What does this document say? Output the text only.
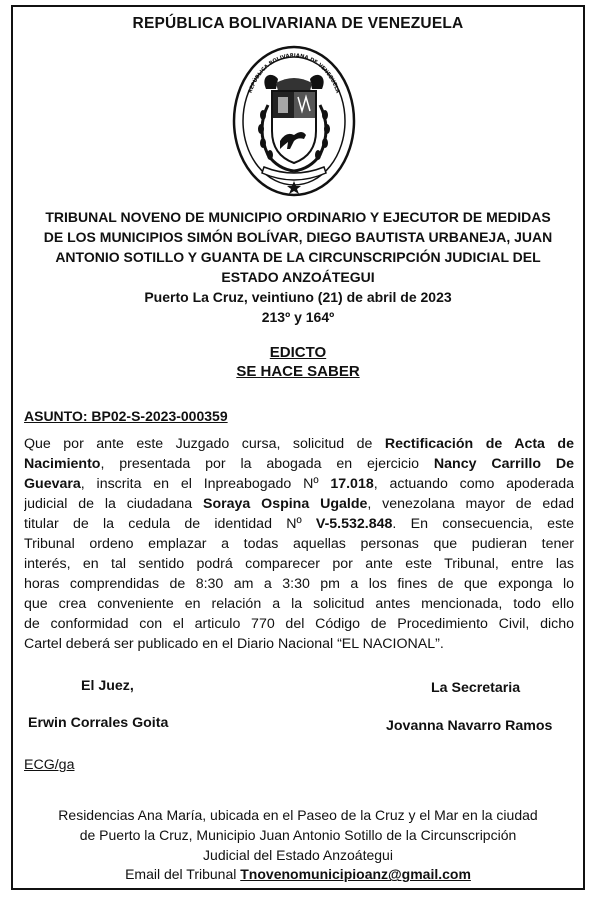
REPÚBLICA BOLIVARIANA DE VENEZUELA
REPÚBLICA BOLIVARIANA DE VENEZUELA
TRIBUNAL NOVENO DE MUNICIPIO ORDINARIO Y EJECUTOR DE MEDIDAS
DE LOS MUNICIPIOS SIMÓN BOLÍVAR, DIEGO BAUTISTA URBANEJA, JUAN
ANTONIO SOTILLO Y GUANTA DE LA CIRCUNSCRIPCIÓN JUDICIAL DEL
ESTADO ANZOÁTEGUI
Puerto La Cruz, veintiuno (21) de abril de 2023
213º y 164º
EDICTO
SE HACE SABER
ASUNTO: BP02-S-2023-000359
Que por ante este Juzgado cursa, solicitud de Rectificación de Acta de
Nacimiento, presentada por la abogada en ejercicio Nancy Carrillo De
Guevara, inscrita en el Inpreabogado Nº 17.018, actuando como apoderada
judicial de la ciudadana Soraya Ospina Ugalde, venezolana mayor de edad
titular de la cedula de identidad Nº V-5.532.848. En consecuencia, este
Tribunal ordeno emplazar a todas aquellas personas que pudieran tener
interés, en tal sentido podrá comparecer por ante este Tribunal, entre las
horas comprendidas de 8:30 am a 3:30 pm a los fines de que exponga lo
que crea conveniente en relación a la solicitud antes mencionada, todo ello
de conformidad con el articulo 770 del Código de Procedimiento Civil, dicho
Cartel deberá ser publicado en el Diario Nacional “EL NACIONAL”.
El Juez,
Erwin Corrales Goita
La Secretaria
Jovanna Navarro Ramos
ECG/ga
Residencias Ana María, ubicada en el Paseo de la Cruz y el Mar en la ciudad
de Puerto la Cruz, Municipio Juan Antonio Sotillo de la Circunscripción
Judicial del Estado Anzoátegui
Email del Tribunal Tnovenomunicipioanz@gmail.com
